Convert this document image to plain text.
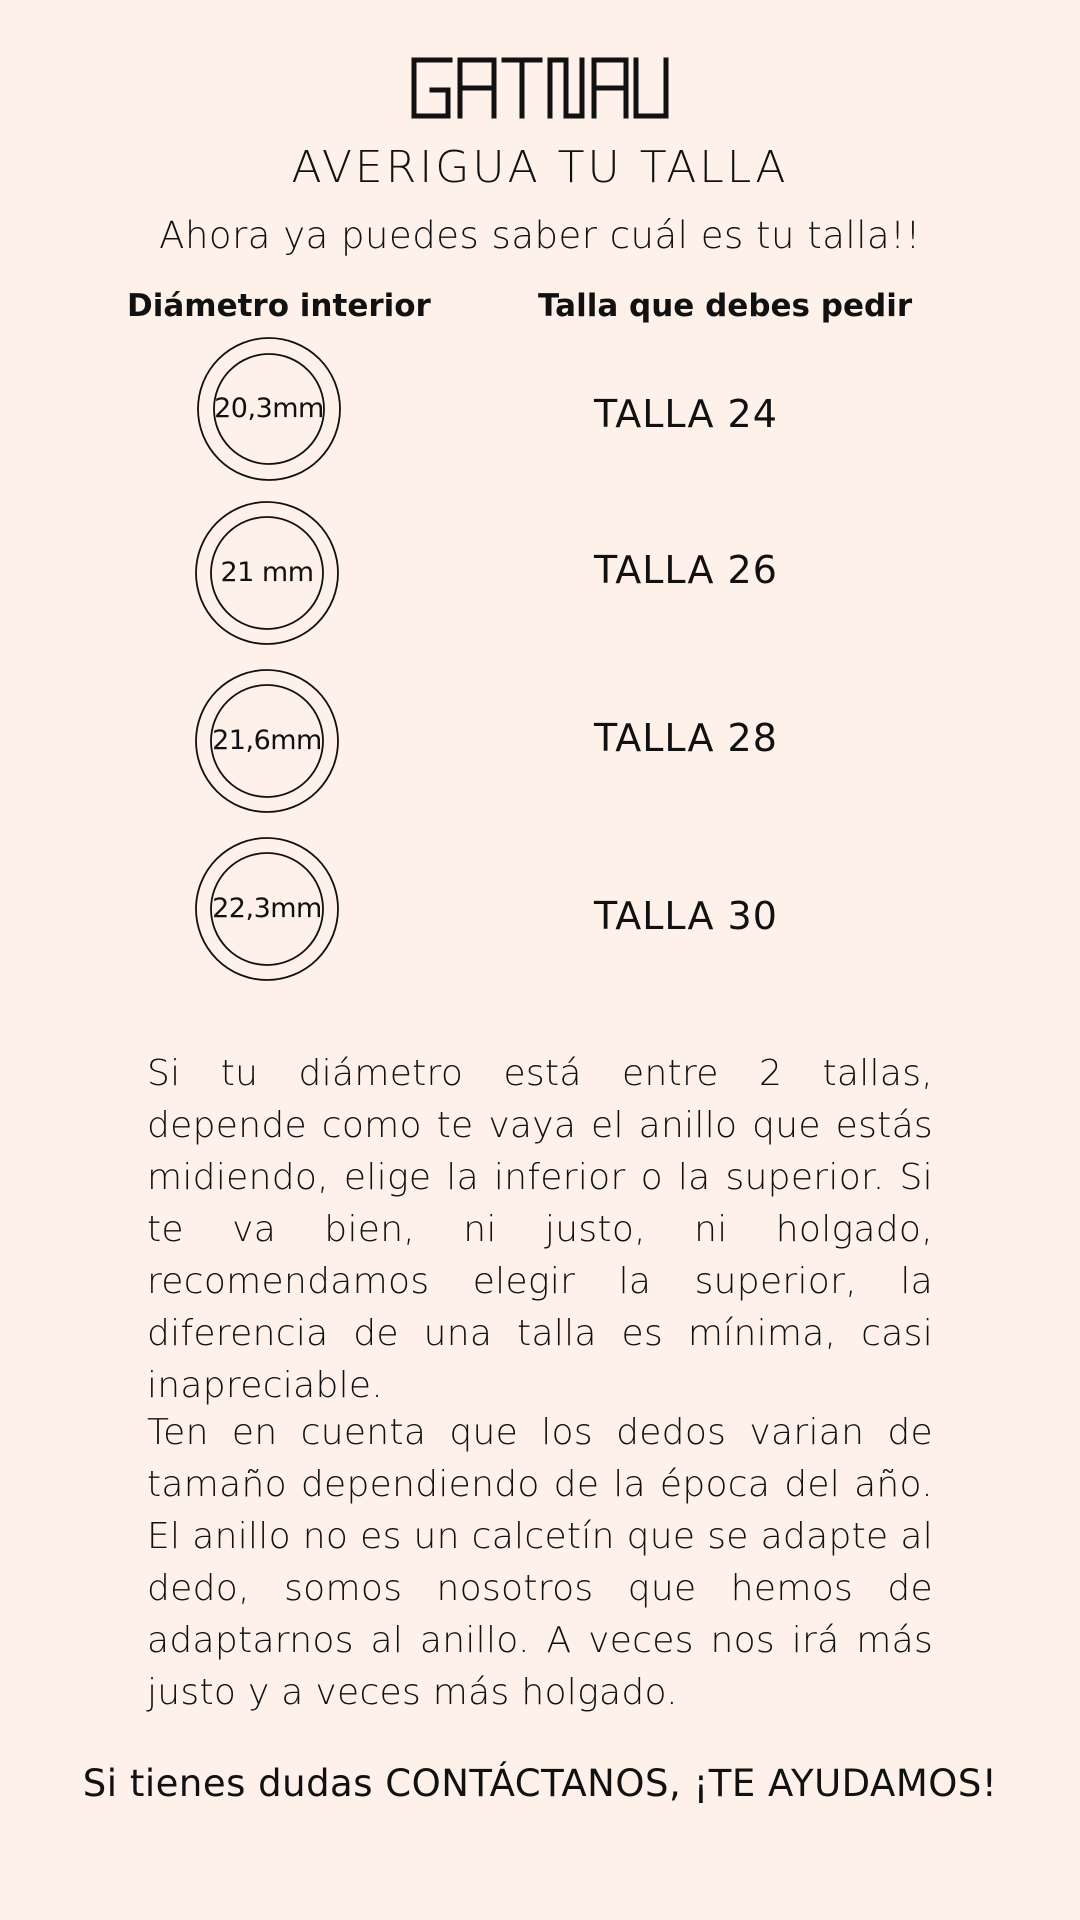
AVERIGUA TU TALLA
Ahora ya puedes saber cuál es tu talla!!
Diámetro interior	Talla que debes pedir
20,3mm	TALLA 24
21 mm	TALLA 26
21,6mm	TALLA 28
22,3mm	TALLA 30
Si tu diámetro está entre 2 tallas, depende como te vaya el anillo que estás midiendo, elige la inferior o la superior. Si te va bien, ni justo, ni holgado, recomendamos elegir la superior, la diferencia de una talla es mínima, casi inapreciable.
Ten en cuenta que los dedos varian de tamaño dependiendo de la época del año. El anillo no es un calcetín que se adapte al dedo, somos nosotros que hemos de adaptarnos al anillo. A veces nos irá más justo y a veces más holgado.
Si tienes dudas CONTÁCTANOS, ¡TE AYUDAMOS!
